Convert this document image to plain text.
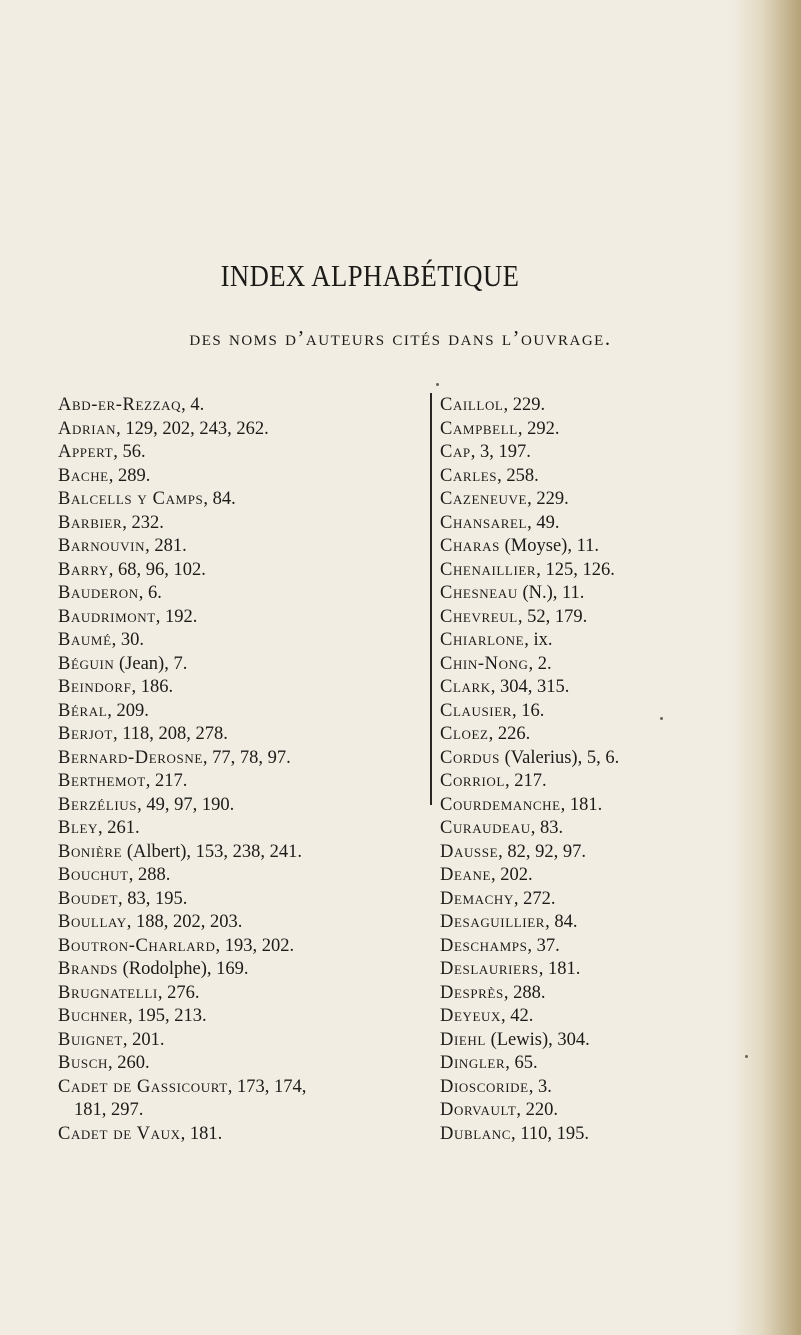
INDEX ALPHABÉTIQUE

des noms d’auteurs cités dans l’ouvrage.

Abd-er-Rezzaq, 4.
Adrian, 129, 202, 243, 262.
Appert, 56.
Bache, 289.
Balcells y Camps, 84.
Barbier, 232.
Barnouvin, 281.
Barry, 68, 96, 102.
Bauderon, 6.
Baudrimont, 192.
Baumé, 30.
Béguin (Jean), 7.
Beindorf, 186.
Béral, 209.
Berjot, 118, 208, 278.
Bernard-Derosne, 77, 78, 97.
Berthemot, 217.
Berzélius, 49, 97, 190.
Bley, 261.
Bonière (Albert), 153, 238, 241.
Bouchut, 288.
Boudet, 83, 195.
Boullay, 188, 202, 203.
Boutron-Charlard, 193, 202.
Brands (Rodolphe), 169.
Brugnatelli, 276.
Buchner, 195, 213.
Buignet, 201.
Busch, 260.
Cadet de Gassicourt, 173, 174,
181, 297.
Cadet de Vaux, 181.
Caillol, 229.
Campbell, 292.
Cap, 3, 197.
Carles, 258.
Cazeneuve, 229.
Chansarel, 49.
Charas (Moyse), 11.
Chenaillier, 125, 126.
Chesneau (N.), 11.
Chevreul, 52, 179.
Chiarlone, ix.
Chin-Nong, 2.
Clark, 304, 315.
Clausier, 16.
Cloez, 226.
Cordus (Valerius), 5, 6.
Corriol, 217.
Courdemanche, 181.
Curaudeau, 83.
Dausse, 82, 92, 97.
Deane, 202.
Demachy, 272.
Desaguillier, 84.
Deschamps, 37.
Deslauriers, 181.
Desprès, 288.
Deyeux, 42.
Diehl (Lewis), 304.
Dingler, 65.
Dioscoride, 3.
Dorvault, 220.
Dublanc, 110, 195.
